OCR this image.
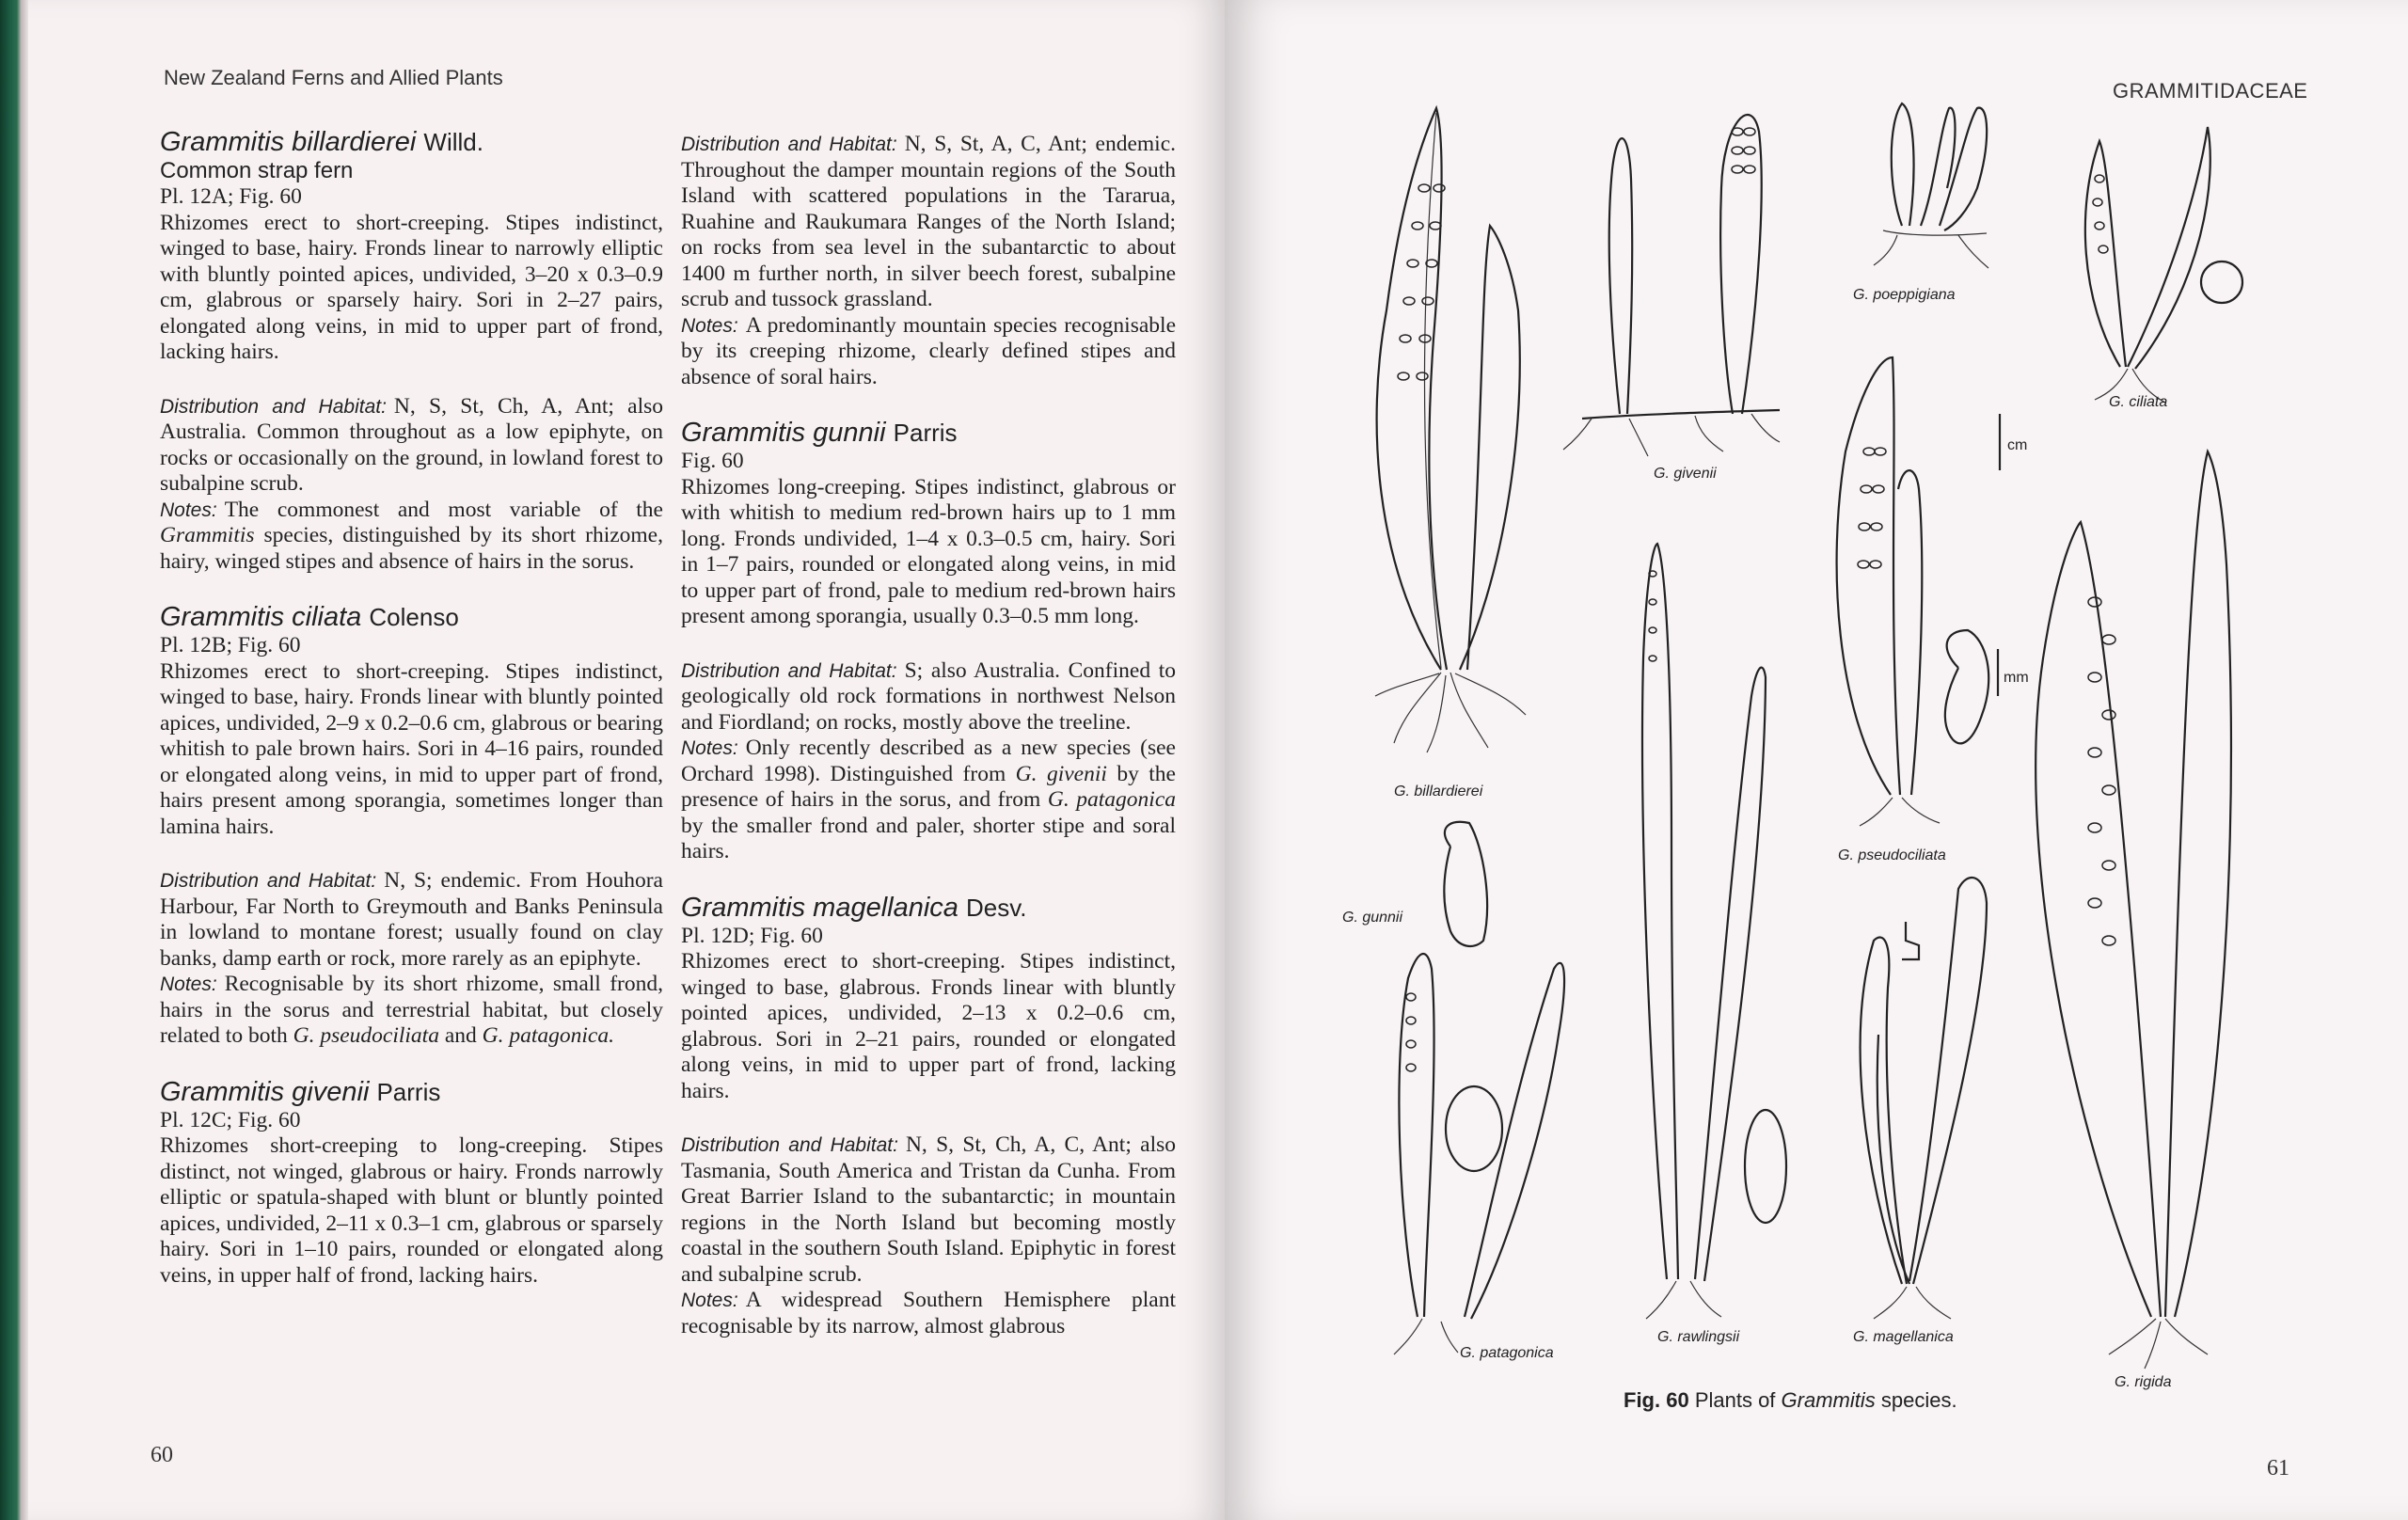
New Zealand Ferns and Allied Plants
Grammitis billardierei Willd.
Common strap fern

Pl. 12A; Fig. 60

Rhizomes erect to short-creeping. Stipes indistinct, winged to base, hairy. Fronds linear to narrowly elliptic with bluntly pointed apices, undivided, 3–20 x 0.3–0.9 cm, glabrous or sparsely hairy. Sori in 2–27 pairs, elongated along veins, in mid to upper part of frond, lacking hairs.

Distribution and Habitat: N, S, St, Ch, A, Ant; also Australia. Common throughout as a low epiphyte, on rocks or occasionally on the ground, in lowland forest to subalpine scrub.

Notes: The commonest and most variable of the Grammitis species, distinguished by its short rhizome, hairy, winged stipes and absence of hairs in the sorus.

Grammitis ciliata Colenso

Pl. 12B; Fig. 60

Rhizomes erect to short-creeping. Stipes indistinct, winged to base, hairy. Fronds linear with bluntly pointed apices, undivided, 2–9 x 0.2–0.6 cm, glabrous or bearing whitish to pale brown hairs. Sori in 4–16 pairs, rounded or elongated along veins, in mid to upper part of frond, hairs present among sporangia, sometimes longer than lamina hairs.

Distribution and Habitat: N, S; endemic. From Houhora Harbour, Far North to Greymouth and Banks Peninsula in lowland to montane forest; usually found on clay banks, damp earth or rock, more rarely as an epiphyte.

Notes: Recognisable by its short rhizome, small frond, hairs in the sorus and terrestrial habitat, but closely related to both G. pseudociliata and G. patagonica.

Grammitis givenii Parris

Pl. 12C; Fig. 60

Rhizomes short-creeping to long-creeping. Stipes distinct, not winged, glabrous or hairy. Fronds narrowly elliptic or spatula-shaped with blunt or bluntly pointed apices, undivided, 2–11 x 0.3–1 cm, glabrous or sparsely hairy. Sori in 1–10 pairs, rounded or elongated along veins, in upper half of frond, lacking hairs.

Distribution and Habitat: N, S, St, A, C, Ant; endemic. Throughout the damper mountain regions of the South Island with scattered populations in the Tararua, Ruahine and Raukumara Ranges of the North Island; on rocks from sea level in the subantarctic to about 1400 m further north, in silver beech forest, subalpine scrub and tussock grassland.

Notes: A predominantly mountain species recognisable by its creeping rhizome, clearly defined stipes and absence of soral hairs.

Grammitis gunnii Parris

Fig. 60

Rhizomes long-creeping. Stipes indistinct, glabrous or with whitish to medium red-brown hairs up to 1 mm long. Fronds undivided, 1–4 x 0.3–0.5 cm, hairy. Sori in 1–7 pairs, rounded or elongated along veins, in mid to upper part of frond, pale to medium red-brown hairs present among sporangia, usually 0.3–0.5 mm long.

Distribution and Habitat: S; also Australia. Confined to geologically old rock formations in northwest Nelson and Fiordland; on rocks, mostly above the treeline.

Notes: Only recently described as a new species (see Orchard 1998). Distinguished from G. givenii by the presence of hairs in the sorus, and from G. patagonica by the smaller frond and paler, shorter stipe and soral hairs.

Grammitis magellanica Desv.

Pl. 12D; Fig. 60

Rhizomes erect to short-creeping. Stipes indistinct, winged to base, glabrous. Fronds linear with bluntly pointed apices, undivided, 2–13 x 0.2–0.6 cm, glabrous. Sori in 2–21 pairs, rounded or elongated along veins, in mid to upper part of frond, lacking hairs.

Distribution and Habitat: N, S, St, Ch, A, C, Ant; also Tasmania, South America and Tristan da Cunha. From Great Barrier Island to the subantarctic; in mountain regions in the North Island but becoming mostly coastal in the southern South Island. Epiphytic in forest and subalpine scrub.

Notes: A widespread Southern Hemisphere plant recognisable by its narrow, almost glabrous

60
GRAMMITIDACEAE
G. billardierei
G. givenii
G. poeppigiana
G. ciliata
cm
mm
G. pseudociliata
G. gunnii
G. patagonica
G. rawlingsii	G. magellanica
G. rigida
Fig. 60 Plants of Grammitis species.
61
